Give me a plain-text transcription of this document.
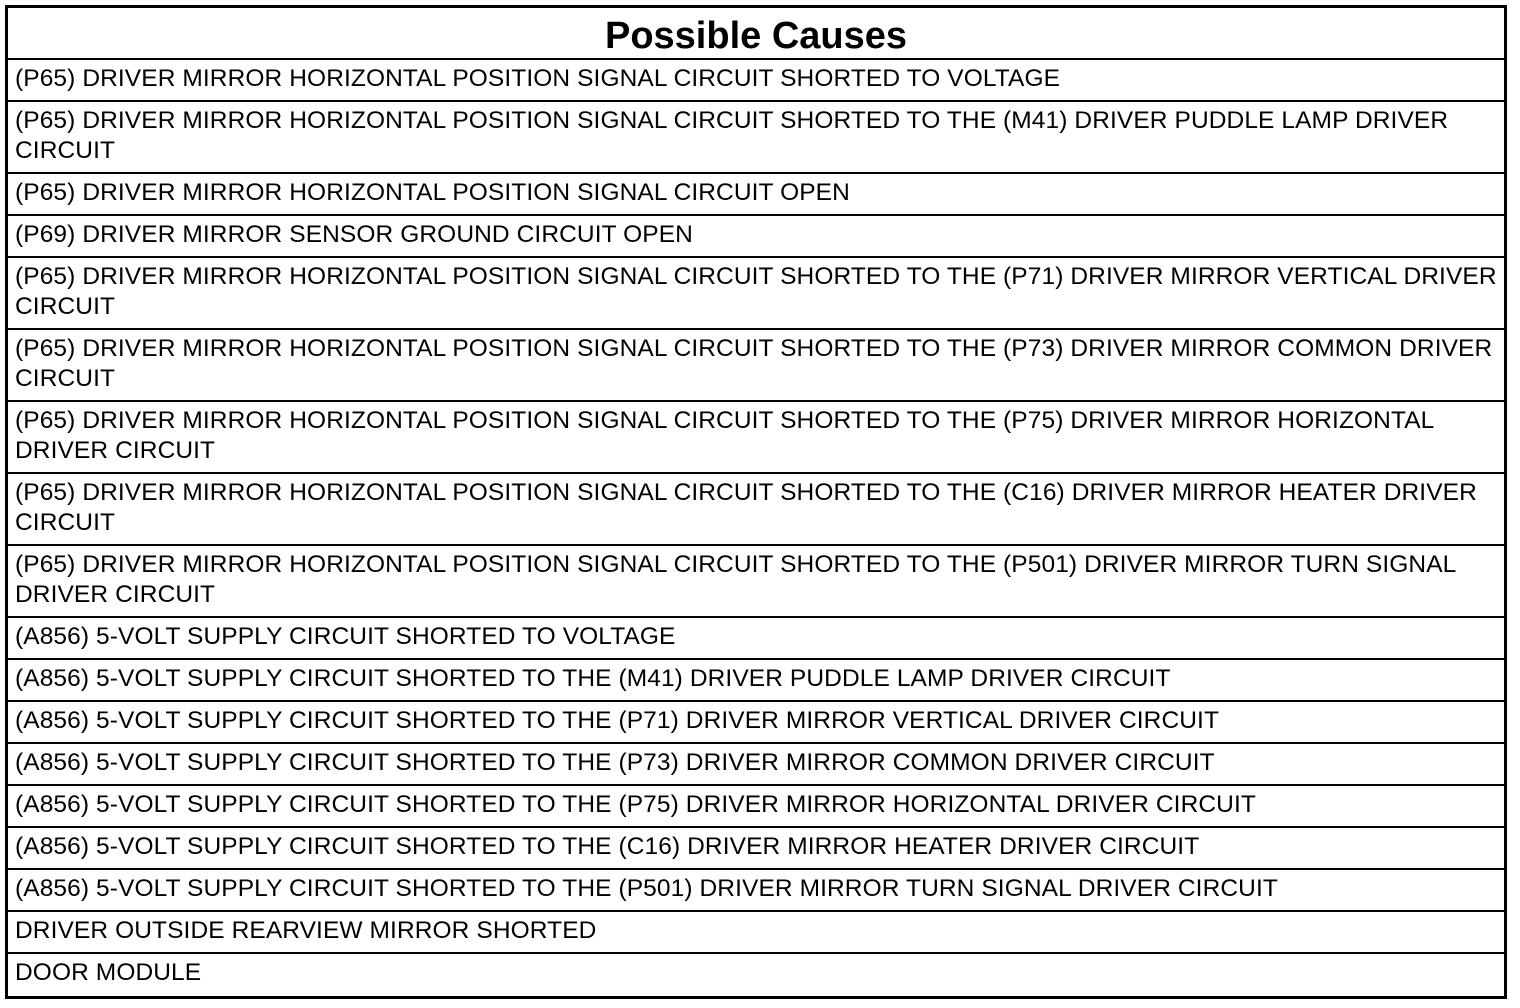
Possible Causes
(P65) DRIVER MIRROR HORIZONTAL POSITION SIGNAL CIRCUIT SHORTED TO VOLTAGE
(P65) DRIVER MIRROR HORIZONTAL POSITION SIGNAL CIRCUIT SHORTED TO THE (M41) DRIVER PUDDLE LAMP DRIVER CIRCUIT
(P65) DRIVER MIRROR HORIZONTAL POSITION SIGNAL CIRCUIT OPEN
(P69) DRIVER MIRROR SENSOR GROUND CIRCUIT OPEN
(P65) DRIVER MIRROR HORIZONTAL POSITION SIGNAL CIRCUIT SHORTED TO THE (P71) DRIVER MIRROR VERTICAL DRIVER CIRCUIT
(P65) DRIVER MIRROR HORIZONTAL POSITION SIGNAL CIRCUIT SHORTED TO THE (P73) DRIVER MIRROR COMMON DRIVER CIRCUIT
(P65) DRIVER MIRROR HORIZONTAL POSITION SIGNAL CIRCUIT SHORTED TO THE (P75) DRIVER MIRROR HORIZONTAL DRIVER CIRCUIT
(P65) DRIVER MIRROR HORIZONTAL POSITION SIGNAL CIRCUIT SHORTED TO THE (C16) DRIVER MIRROR HEATER DRIVER CIRCUIT
(P65) DRIVER MIRROR HORIZONTAL POSITION SIGNAL CIRCUIT SHORTED TO THE (P501) DRIVER MIRROR TURN SIGNAL DRIVER CIRCUIT
(A856) 5-VOLT SUPPLY CIRCUIT SHORTED TO VOLTAGE
(A856) 5-VOLT SUPPLY CIRCUIT SHORTED TO THE (M41) DRIVER PUDDLE LAMP DRIVER CIRCUIT
(A856) 5-VOLT SUPPLY CIRCUIT SHORTED TO THE (P71) DRIVER MIRROR VERTICAL DRIVER CIRCUIT
(A856) 5-VOLT SUPPLY CIRCUIT SHORTED TO THE (P73) DRIVER MIRROR COMMON DRIVER CIRCUIT
(A856) 5-VOLT SUPPLY CIRCUIT SHORTED TO THE (P75) DRIVER MIRROR HORIZONTAL DRIVER CIRCUIT
(A856) 5-VOLT SUPPLY CIRCUIT SHORTED TO THE (C16) DRIVER MIRROR HEATER DRIVER CIRCUIT
(A856) 5-VOLT SUPPLY CIRCUIT SHORTED TO THE (P501) DRIVER MIRROR TURN SIGNAL DRIVER CIRCUIT
DRIVER OUTSIDE REARVIEW MIRROR SHORTED
DOOR MODULE
